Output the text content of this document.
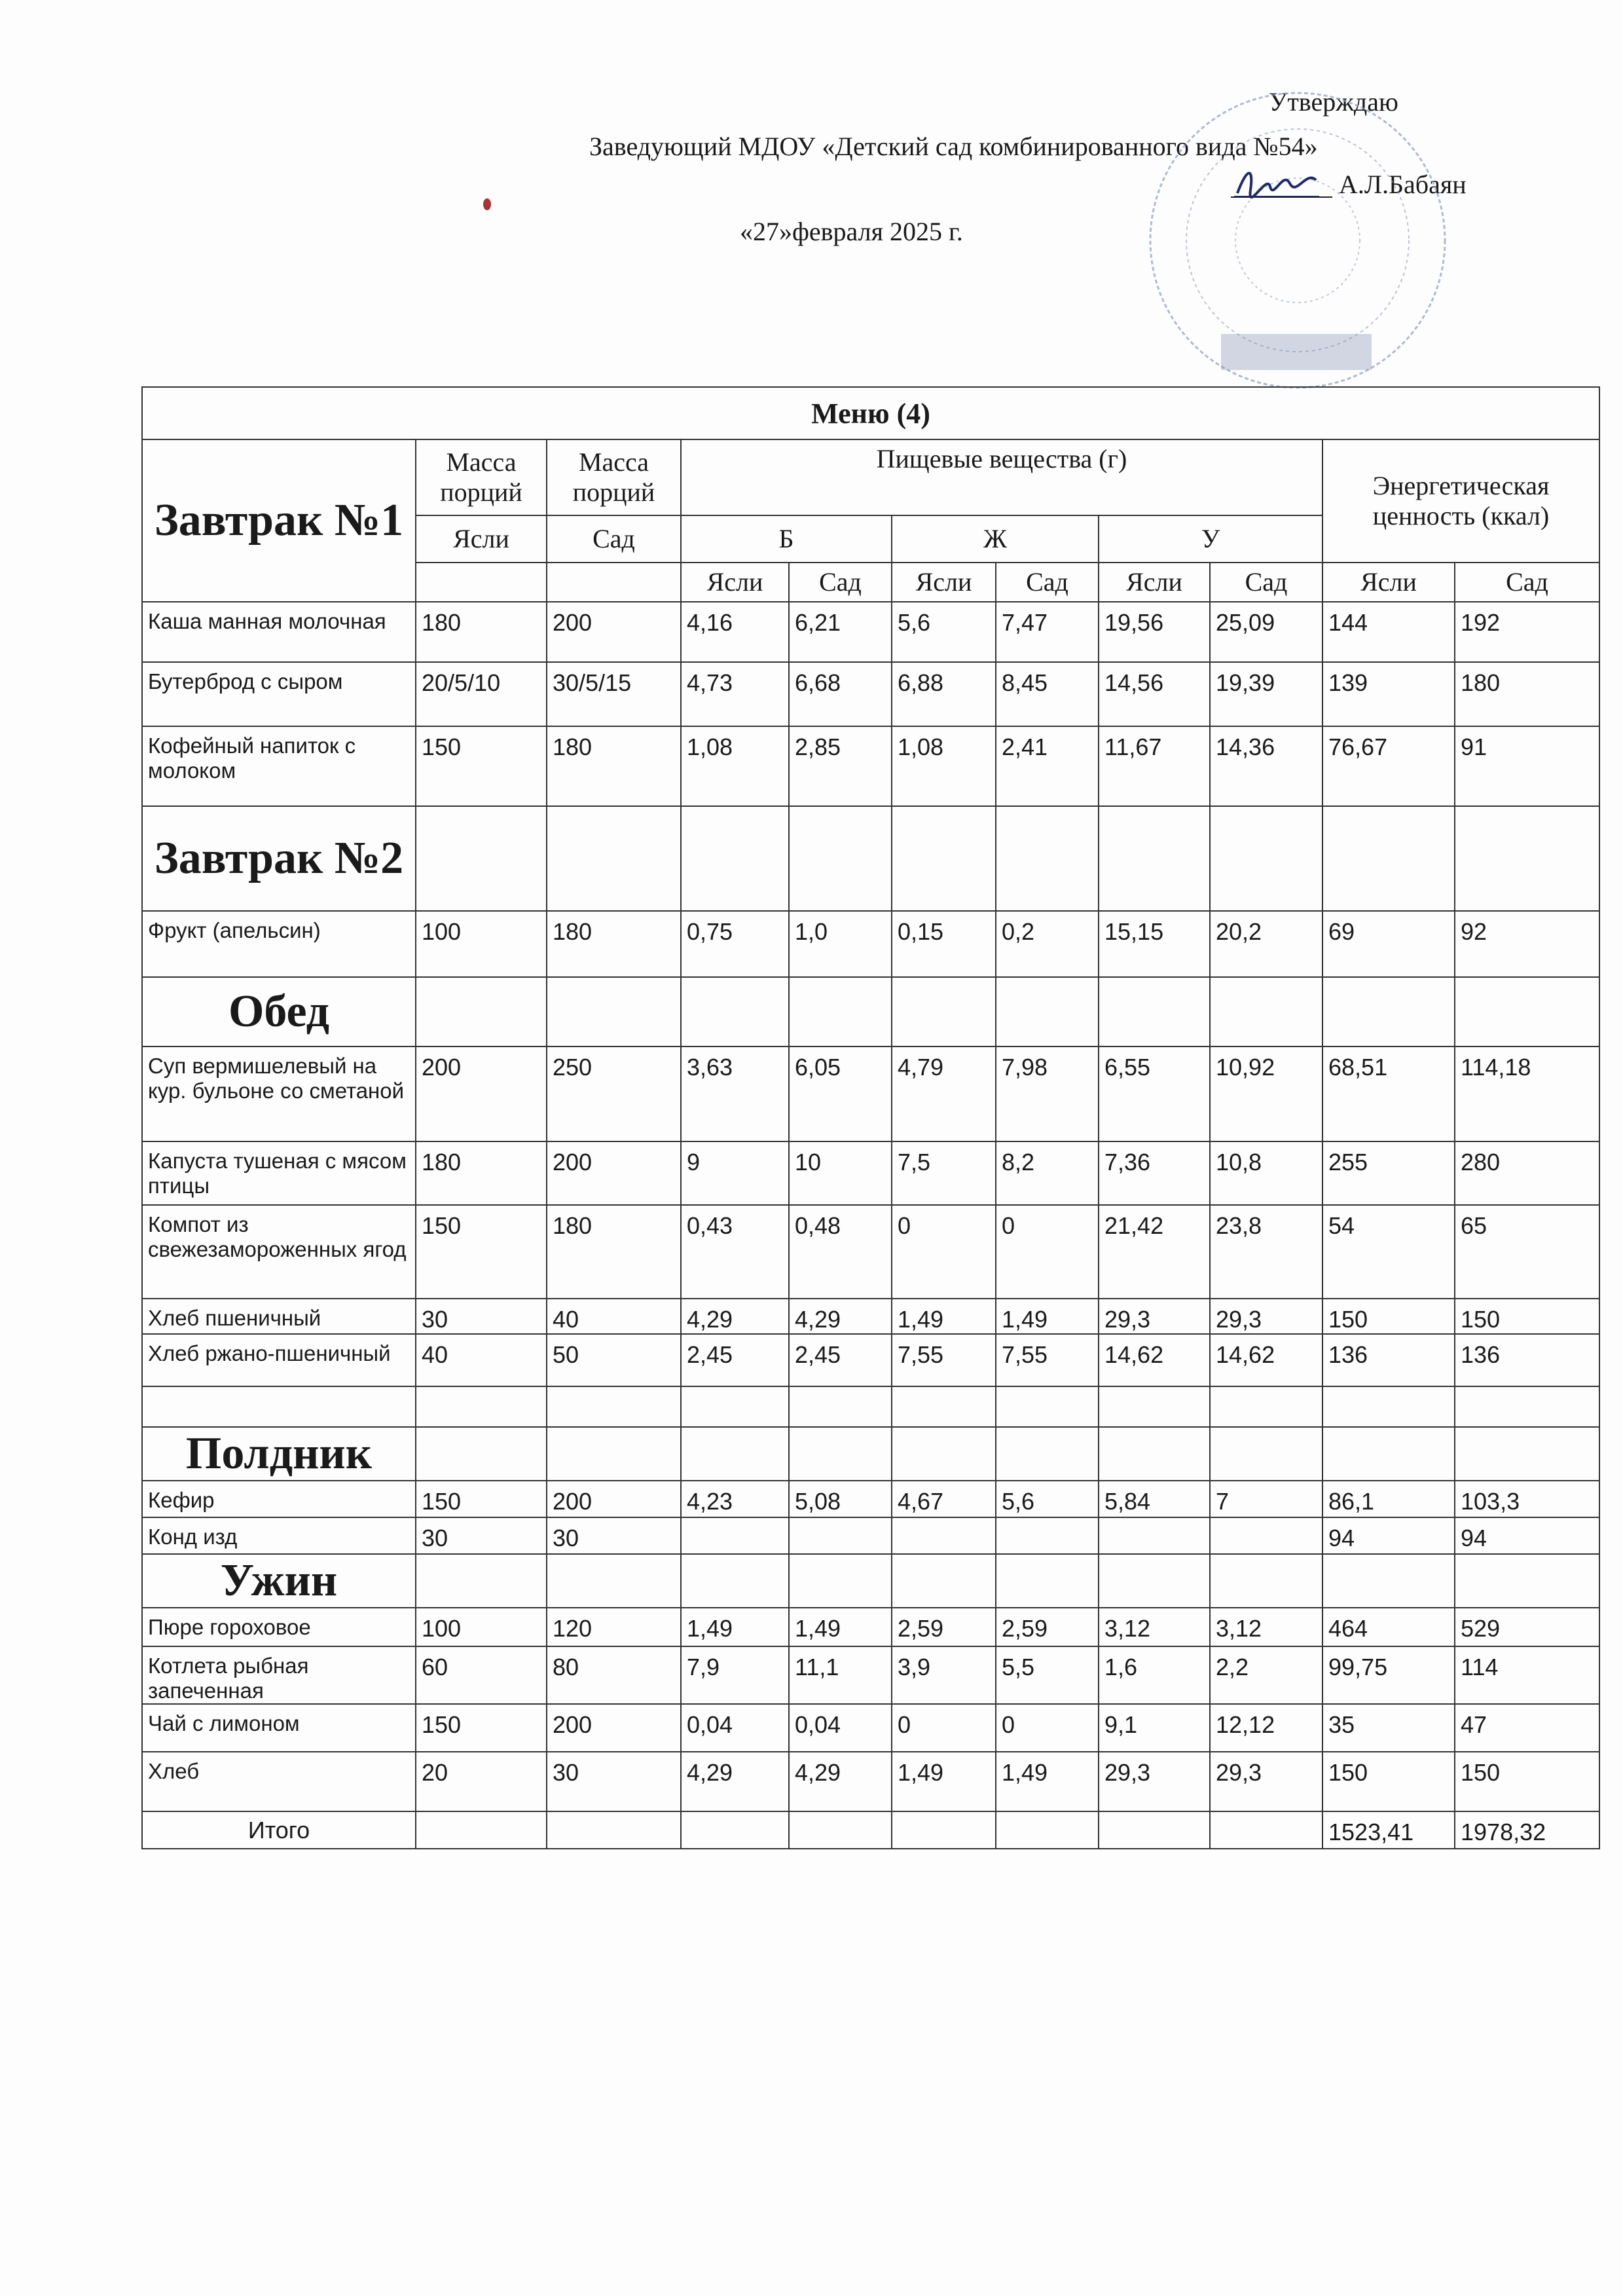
Утверждаю
Заведующий МДОУ «Детский сад комбинированного вида №54»
А.Л.Бабаян
«27»февраля 2025 г.
Меню (4)										
Завтрак №1	Масса порций	Масса порций	Пищевые вещества (г)						Энергетическая ценность (ккал)	
	Ясли	Сад	Б		Ж		У			
			Ясли	Сад	Ясли	Сад	Ясли	Сад	Ясли	Сад
Каша манная молочная	180	200	4,16	6,21	5,6	7,47	19,56	25,09	144	192
Бутерброд с сыром	20/5/10	30/5/15	4,73	6,68	6,88	8,45	14,56	19,39	139	180
Кофейный напиток с молоком	150	180	1,08	2,85	1,08	2,41	11,67	14,36	76,67	91
Завтрак №2										
Фрукт (апельсин)	100	180	0,75	1,0	0,15	0,2	15,15	20,2	69	92
Обед										
Суп вермишелевый на кур. бульоне со сметаной	200	250	3,63	6,05	4,79	7,98	6,55	10,92	68,51	114,18
Капуста тушеная с мясом птицы	180	200	9	10	7,5	8,2	7,36	10,8	255	280
Компот из свежезамороженных ягод	150	180	0,43	0,48	0	0	21,42	23,8	54	65
Хлеб пшеничный	30	40	4,29	4,29	1,49	1,49	29,3	29,3	150	150
Хлеб ржано-пшеничный	40	50	2,45	2,45	7,55	7,55	14,62	14,62	136	136

Полдник										
Кефир	150	200	4,23	5,08	4,67	5,6	5,84	7	86,1	103,3
Конд изд	30	30							94	94
Ужин										
Пюре гороховое	100	120	1,49	1,49	2,59	2,59	3,12	3,12	464	529
Котлета рыбная запеченная	60	80	7,9	11,1	3,9	5,5	1,6	2,2	99,75	114
Чай с лимоном	150	200	0,04	0,04	0	0	9,1	12,12	35	47
Хлеб	20	30	4,29	4,29	1,49	1,49	29,3	29,3	150	150
Итого									1523,41	1978,32
